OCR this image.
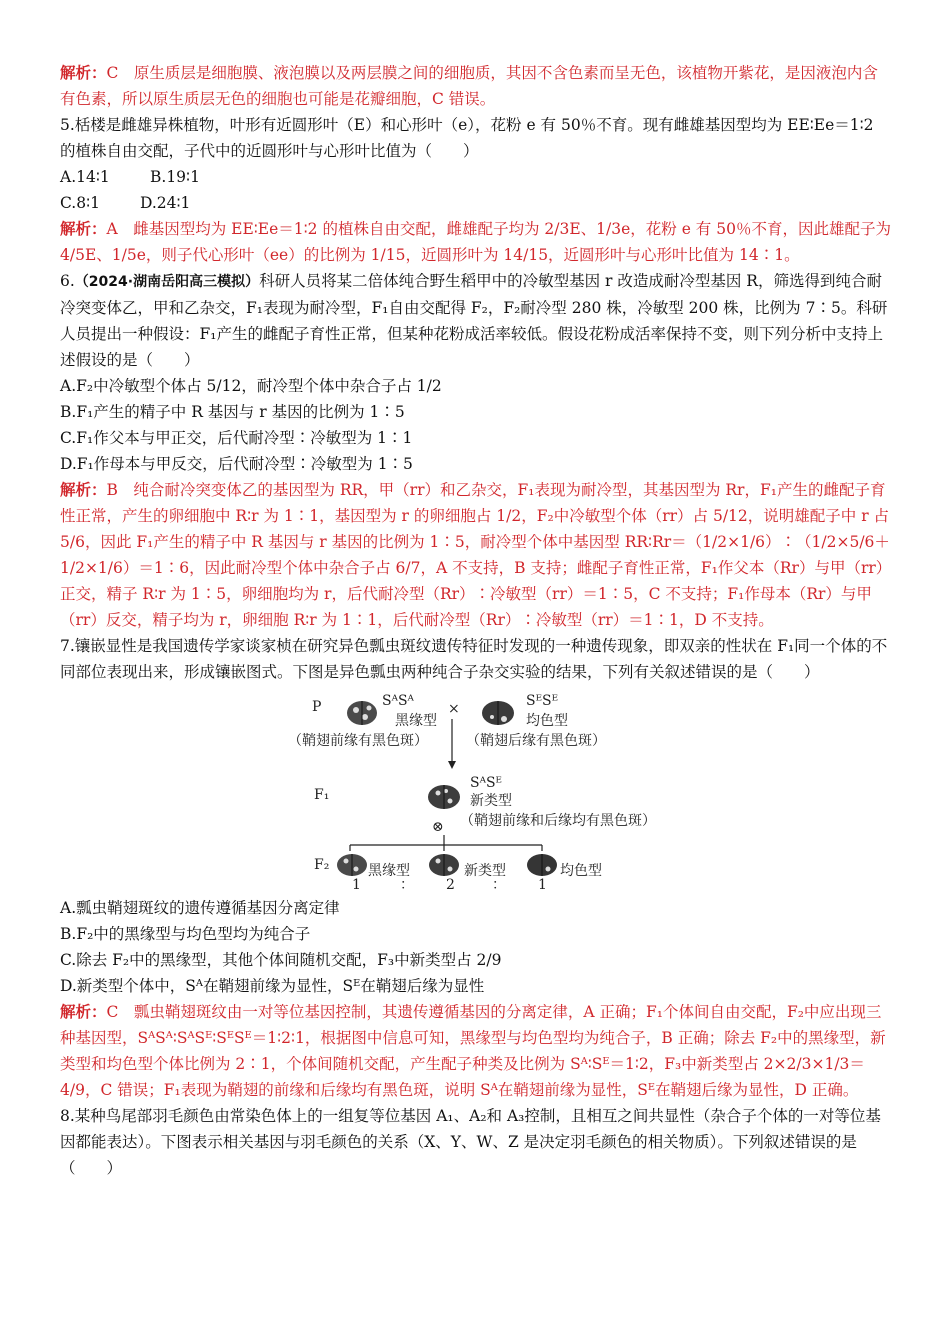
解析：C　原生质层是细胞膜、液泡膜以及两层膜之间的细胞质，其因不含色素而呈无色，该植物开紫花，是因液泡内含有色素，所以原生质层无色的细胞也可能是花瓣细胞，C 错误。

5.栝楼是雌雄异株植物，叶形有近圆形叶（E）和心形叶（e），花粉 e 有 50％不育。现有雌雄基因型均为 EE∶Ee＝1∶2 的植株自由交配，子代中的近圆形叶与心形叶比值为（　　）

A.14∶1	B.19∶1

C.8∶1	D.24∶1

解析：A　雌基因型均为 EE∶Ee＝1∶2 的植株自由交配，雌雄配子均为 2/3E、1/3e，花粉 e 有 50％不育，因此雄配子为 4/5E、1/5e，则子代心形叶（ee）的比例为 1/15，近圆形叶为 14/15，近圆形叶与心形叶比值为 14∶1。

6.（2024·湖南岳阳高三模拟）科研人员将某二倍体纯合野生稻甲中的冷敏型基因 r 改造成耐冷型基因 R，筛选得到纯合耐冷突变体乙，甲和乙杂交，F₁表现为耐冷型，F₁自由交配得 F₂，F₂耐冷型 280 株，冷敏型 200 株，比例为 7∶5。科研人员提出一种假设：F₁产生的雌配子育性正常，但某种花粉成活率较低。假设花粉成活率保持不变，则下列分析中支持上述假设的是（　　）

A.F₂中冷敏型个体占 5/12，耐冷型个体中杂合子占 1/2

B.F₁产生的精子中 R 基因与 r 基因的比例为 1∶5

C.F₁作父本与甲正交，后代耐冷型∶冷敏型为 1∶1

D.F₁作母本与甲反交，后代耐冷型∶冷敏型为 1∶5

解析：B　纯合耐冷突变体乙的基因型为 RR，甲（rr）和乙杂交，F₁表现为耐冷型，其基因型为 Rr，F₁产生的雌配子育性正常，产生的卵细胞中 R∶r 为 1∶1，基因型为 r 的卵细胞占 1/2，F₂中冷敏型个体（rr）占 5/12，说明雄配子中 r 占 5/6，因此 F₁产生的精子中 R 基因与 r 基因的比例为 1∶5，耐冷型个体中基因型 RR∶Rr＝（1/2×1/6）∶（1/2×5/6＋1/2×1/6）＝1∶6，因此耐冷型个体中杂合子占 6/7，A 不支持，B 支持；雌配子育性正常，F₁作父本（Rr）与甲（rr）正交，精子 R∶r 为 1∶5，卵细胞均为 r，后代耐冷型（Rr）∶冷敏型（rr）＝1∶5，C 不支持；F₁作母本（Rr）与甲（rr）反交，精子均为 r，卵细胞 R∶r 为 1∶1，后代耐冷型（Rr）∶冷敏型（rr）＝1∶1，D 不支持。

7.镶嵌显性是我国遗传学家谈家桢在研究异色瓢虫斑纹遗传特征时发现的一种遗传现象，即双亲的性状在 F₁同一个体的不同部位表现出来，形成镶嵌图式。下图是异色瓢虫两种纯合子杂交实验的结果，下列有关叙述错误的是（　　）

P	SᴬSᴬ
黑缘型
（鞘翅前缘有黑色斑）
×	SᴱSᴱ
均色型
（鞘翅后缘有黑色斑）
F₁
SᴬSᴱ
新类型
⊗ （鞘翅前缘和后缘均有黑色斑）
F₂	黑缘型	新类型	均色型
1	： 2	： 1

A.瓢虫鞘翅斑纹的遗传遵循基因分离定律

B.F₂中的黑缘型与均色型均为纯合子

C.除去 F₂中的黑缘型，其他个体间随机交配，F₃中新类型占 2/9

D.新类型个体中，Sᴬ在鞘翅前缘为显性，Sᴱ在鞘翅后缘为显性

解析：C　瓢虫鞘翅斑纹由一对等位基因控制，其遗传遵循基因的分离定律，A 正确；F₁个体间自由交配，F₂中应出现三种基因型，SᴬSᴬ∶SᴬSᴱ∶SᴱSᴱ＝1∶2∶1，根据图中信息可知，黑缘型与均色型均为纯合子，B 正确；除去 F₂中的黑缘型，新类型和均色型个体比例为 2∶1，个体间随机交配，产生配子种类及比例为 Sᴬ∶Sᴱ＝1∶2，F₃中新类型占 2×2/3×1/3＝4/9，C 错误；F₁表现为鞘翅的前缘和后缘均有黑色斑，说明 Sᴬ在鞘翅前缘为显性，Sᴱ在鞘翅后缘为显性，D 正确。

8.某种鸟尾部羽毛颜色由常染色体上的一组复等位基因 A₁、A₂和 A₃控制，且相互之间共显性（杂合子个体的一对等位基因都能表达）。下图表示相关基因与羽毛颜色的关系（X、Y、W、Z 是决定羽毛颜色的相关物质）。下列叙述错误的是（　　）
